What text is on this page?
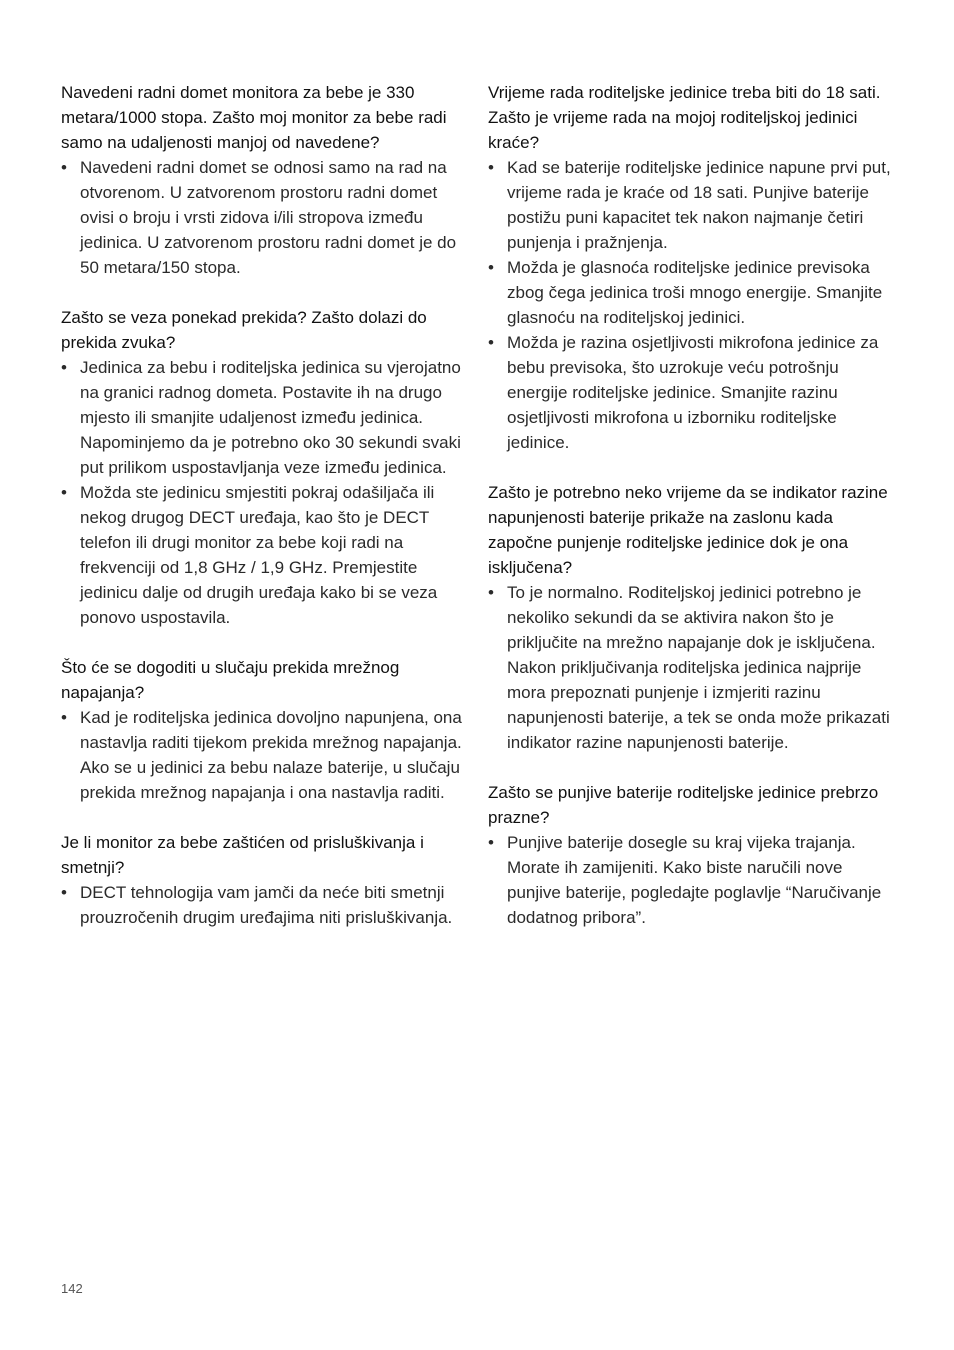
Navedeni radni domet monitora za bebe je 330 metara/1000 stopa. Zašto moj monitor za bebe radi samo na udaljenosti manjoj od navedene?
• Navedeni radni domet se odnosi samo na rad na otvorenom. U zatvorenom prostoru radni domet ovisi o broju i vrsti zidova i/ili stropova između jedinica. U zatvorenom prostoru radni domet je do 50 metara/150 stopa.
Zašto se veza ponekad prekida? Zašto dolazi do prekida zvuka?
• Jedinica za bebu i roditeljska jedinica su vjerojatno na granici radnog dometa. Postavite ih na drugo mjesto ili smanjite udaljenost između jedinica. Napominjemo da je potrebno oko 30 sekundi svaki put prilikom uspostavljanja veze između jedinica.
• Možda ste jedinicu smjestiti pokraj odašiljača ili nekog drugog DECT uređaja, kao što je DECT telefon ili drugi monitor za bebe koji radi na frekvenciji od 1,8 GHz / 1,9 GHz. Premjestite jedinicu dalje od drugih uređaja kako bi se veza ponovo uspostavila.
Što će se dogoditi u slučaju prekida mrežnog napajanja?
• Kad je roditeljska jedinica dovoljno napunjena, ona nastavlja raditi tijekom prekida mrežnog napajanja. Ako se u jedinici za bebu nalaze baterije, u slučaju prekida mrežnog napajanja i ona nastavlja raditi.
Je li monitor za bebe zaštićen od prisluškivanja i smetnji?
• DECT tehnologija vam jamči da neće biti smetnji prouzročenih drugim uređajima niti prisluškivanja.
Vrijeme rada roditeljske jedinice treba biti do 18 sati. Zašto je vrijeme rada na mojoj roditeljskoj jedinici kraće?
• Kad se baterije roditeljske jedinice napune prvi put, vrijeme rada je kraće od 18 sati. Punjive baterije postižu puni kapacitet tek nakon najmanje četiri punjenja i pražnjenja.
• Možda je glasnoća roditeljske jedinice previsoka zbog čega jedinica troši mnogo energije. Smanjite glasnoću na roditeljskoj jedinici.
• Možda je razina osjetljivosti mikrofona jedinice za bebu previsoka, što uzrokuje veću potrošnju energije roditeljske jedinice. Smanjite razinu osjetljivosti mikrofona u izborniku roditeljske jedinice.
Zašto je potrebno neko vrijeme da se indikator razine napunjenosti baterije prikaže na zaslonu kada započne punjenje roditeljske jedinice dok je ona isključena?
• To je normalno. Roditeljskoj jedinici potrebno je nekoliko sekundi da se aktivira nakon što je priključite na mrežno napajanje dok je isključena. Nakon priključivanja roditeljska jedinica najprije mora prepoznati punjenje i izmjeriti razinu napunjenosti baterije, a tek se onda može prikazati indikator razine napunjenosti baterije.
Zašto se punjive baterije roditeljske jedinice prebrzo prazne?
• Punjive baterije dosegle su kraj vijeka trajanja. Morate ih zamijeniti. Kako biste naručili nove punjive baterije, pogledajte poglavlje “Naručivanje dodatnog pribora”.
142
